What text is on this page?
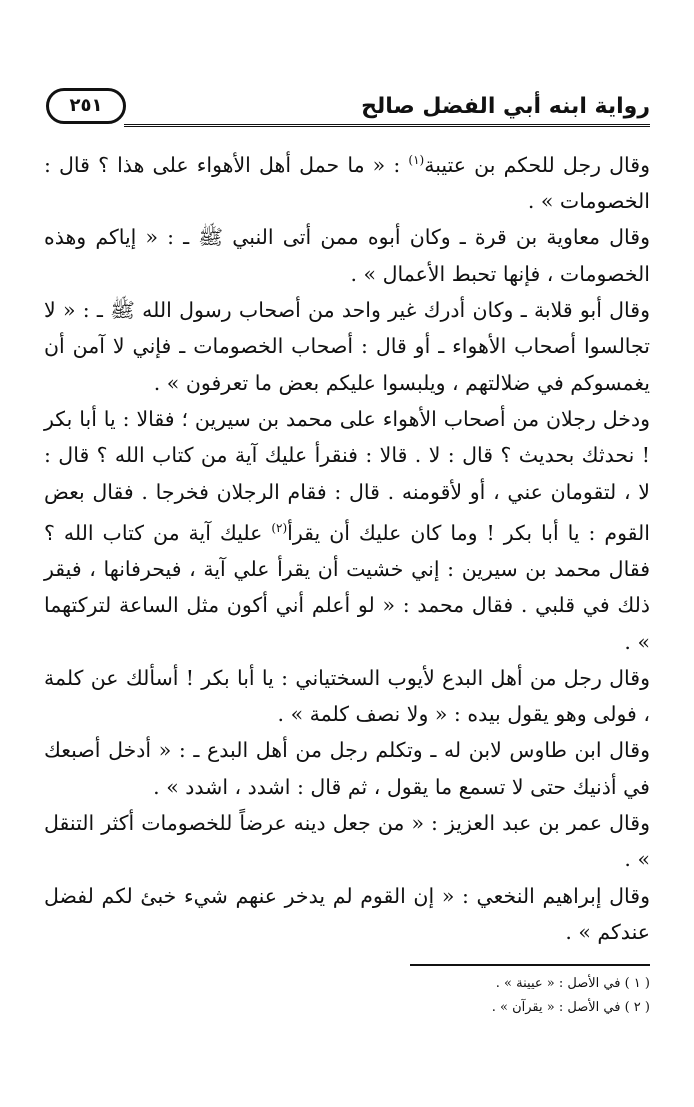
رواية ابنه أبي الفضل صالح
٢٥١

وقال رجل للحكم بن عتيبة$^{(١)}$ : « ما حمل أهل الأهواء على هذا ؟ قال : الخصومات » .

وقال معاوية بن قرة ـ وكان أبوه ممن أتى النبي ﷺ ـ : « إياكم وهذه الخصومات ، فإنها تحبط الأعمال » .

وقال أبو قلابة ـ وكان أدرك غير واحد من أصحاب رسول الله ﷺ ـ : « لا تجالسوا أصحاب الأهواء ـ أو قال : أصحاب الخصومات ـ فإني لا آمن أن يغمسوكم في ضلالتهم ، ويلبسوا عليكم بعض ما تعرفون » .

ودخل رجلان من أصحاب الأهواء على محمد بن سيرين ؛ فقالا : يا أبا بكر ! نحدثك بحديث ؟ قال : لا . قالا : فنقرأ عليك آية من كتاب الله ؟ قال : لا ، لتقومان عني ، أو لأقومنه . قال : فقام الرجلان فخرجا . فقال بعض القوم : يا أبا بكر ! وما كان عليك أن يقرأ$^{(٢)}$ عليك آية من كتاب الله ؟ فقال محمد بن سيرين : إني خشيت أن يقرأ علي آية ، فيحرفانها ، فيقر ذلك في قلبي . فقال محمد : « لو أعلم أني أكون مثل الساعة لتركتهما » .

وقال رجل من أهل البدع لأيوب السختياني : يا أبا بكر ! أسألك عن كلمة ، فولى وهو يقول بيده : « ولا نصف كلمة » .

وقال ابن طاوس لابن له ـ وتكلم رجل من أهل البدع ـ : « أدخل أصبعك في أذنيك حتى لا تسمع ما يقول ، ثم قال : اشدد ، اشدد » .

وقال عمر بن عبد العزيز : « من جعل دينه عرضاً للخصومات أكثر التنقل » .

وقال إبراهيم النخعي : « إن القوم لم يدخر عنهم شيء خبئ لكم لفضل عندكم » .

( ١ ) في الأصل : « عيينة » .

( ٢ ) في الأصل : « يقرآن » .
